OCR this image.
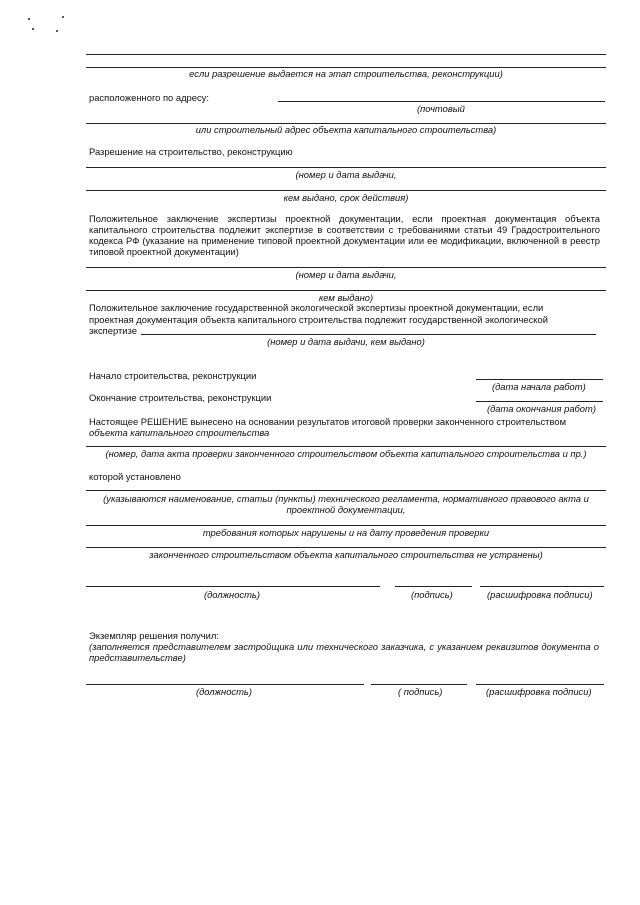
если разрешение выдается на этап строительства, реконструкции)
расположенного по адресу:
(почтовый
или строительный адрес объекта капитального строительства)
Разрешение на строительство, реконструкцию
(номер и дата выдачи,
кем выдано, срок действия)
Положительное заключение экспертизы проектной документации, если проектная документация объекта капитального строительства подлежит экспертизе в соответствии с требованиями статьи 49 Градостроительного кодекса РФ (указание на применение типовой проектной документации или ее модификации, включенной в реестр типовой проектной документации)
(номер и дата выдачи,
кем выдано)
Положительное заключение государственной экологической экспертизы проектной документации, если
проектная документация объекта капитального строительства подлежит государственной экологической
экспертизе
(номер и дата выдачи, кем выдано)
Начало строительства, реконструкции
(дата начала работ)
Окончание строительства, реконструкции
(дата окончания работ)
Настоящее РЕШЕНИЕ вынесено на основании результатов итоговой проверки законченного строительством
объекта капитального строительства
(номер, дата акта проверки законченного строительством объекта капитального строительства и пр.)
которой установлено
(указываются наименование, статьи (пункты) технического регламента, нормативного правового акта и
проектной документации,
требования которых нарушены и на дату проведения проверки
законченного строительством объекта капитального строительства не устранены)
(должность)	(подпись)	(расшифровка подписи)
Экземпляр решения получил:
(заполняется представителем застройщика или технического заказчика, с указанием реквизитов документа о представительстве)
(должность)	( подпись)	(расшифровка подписи)
